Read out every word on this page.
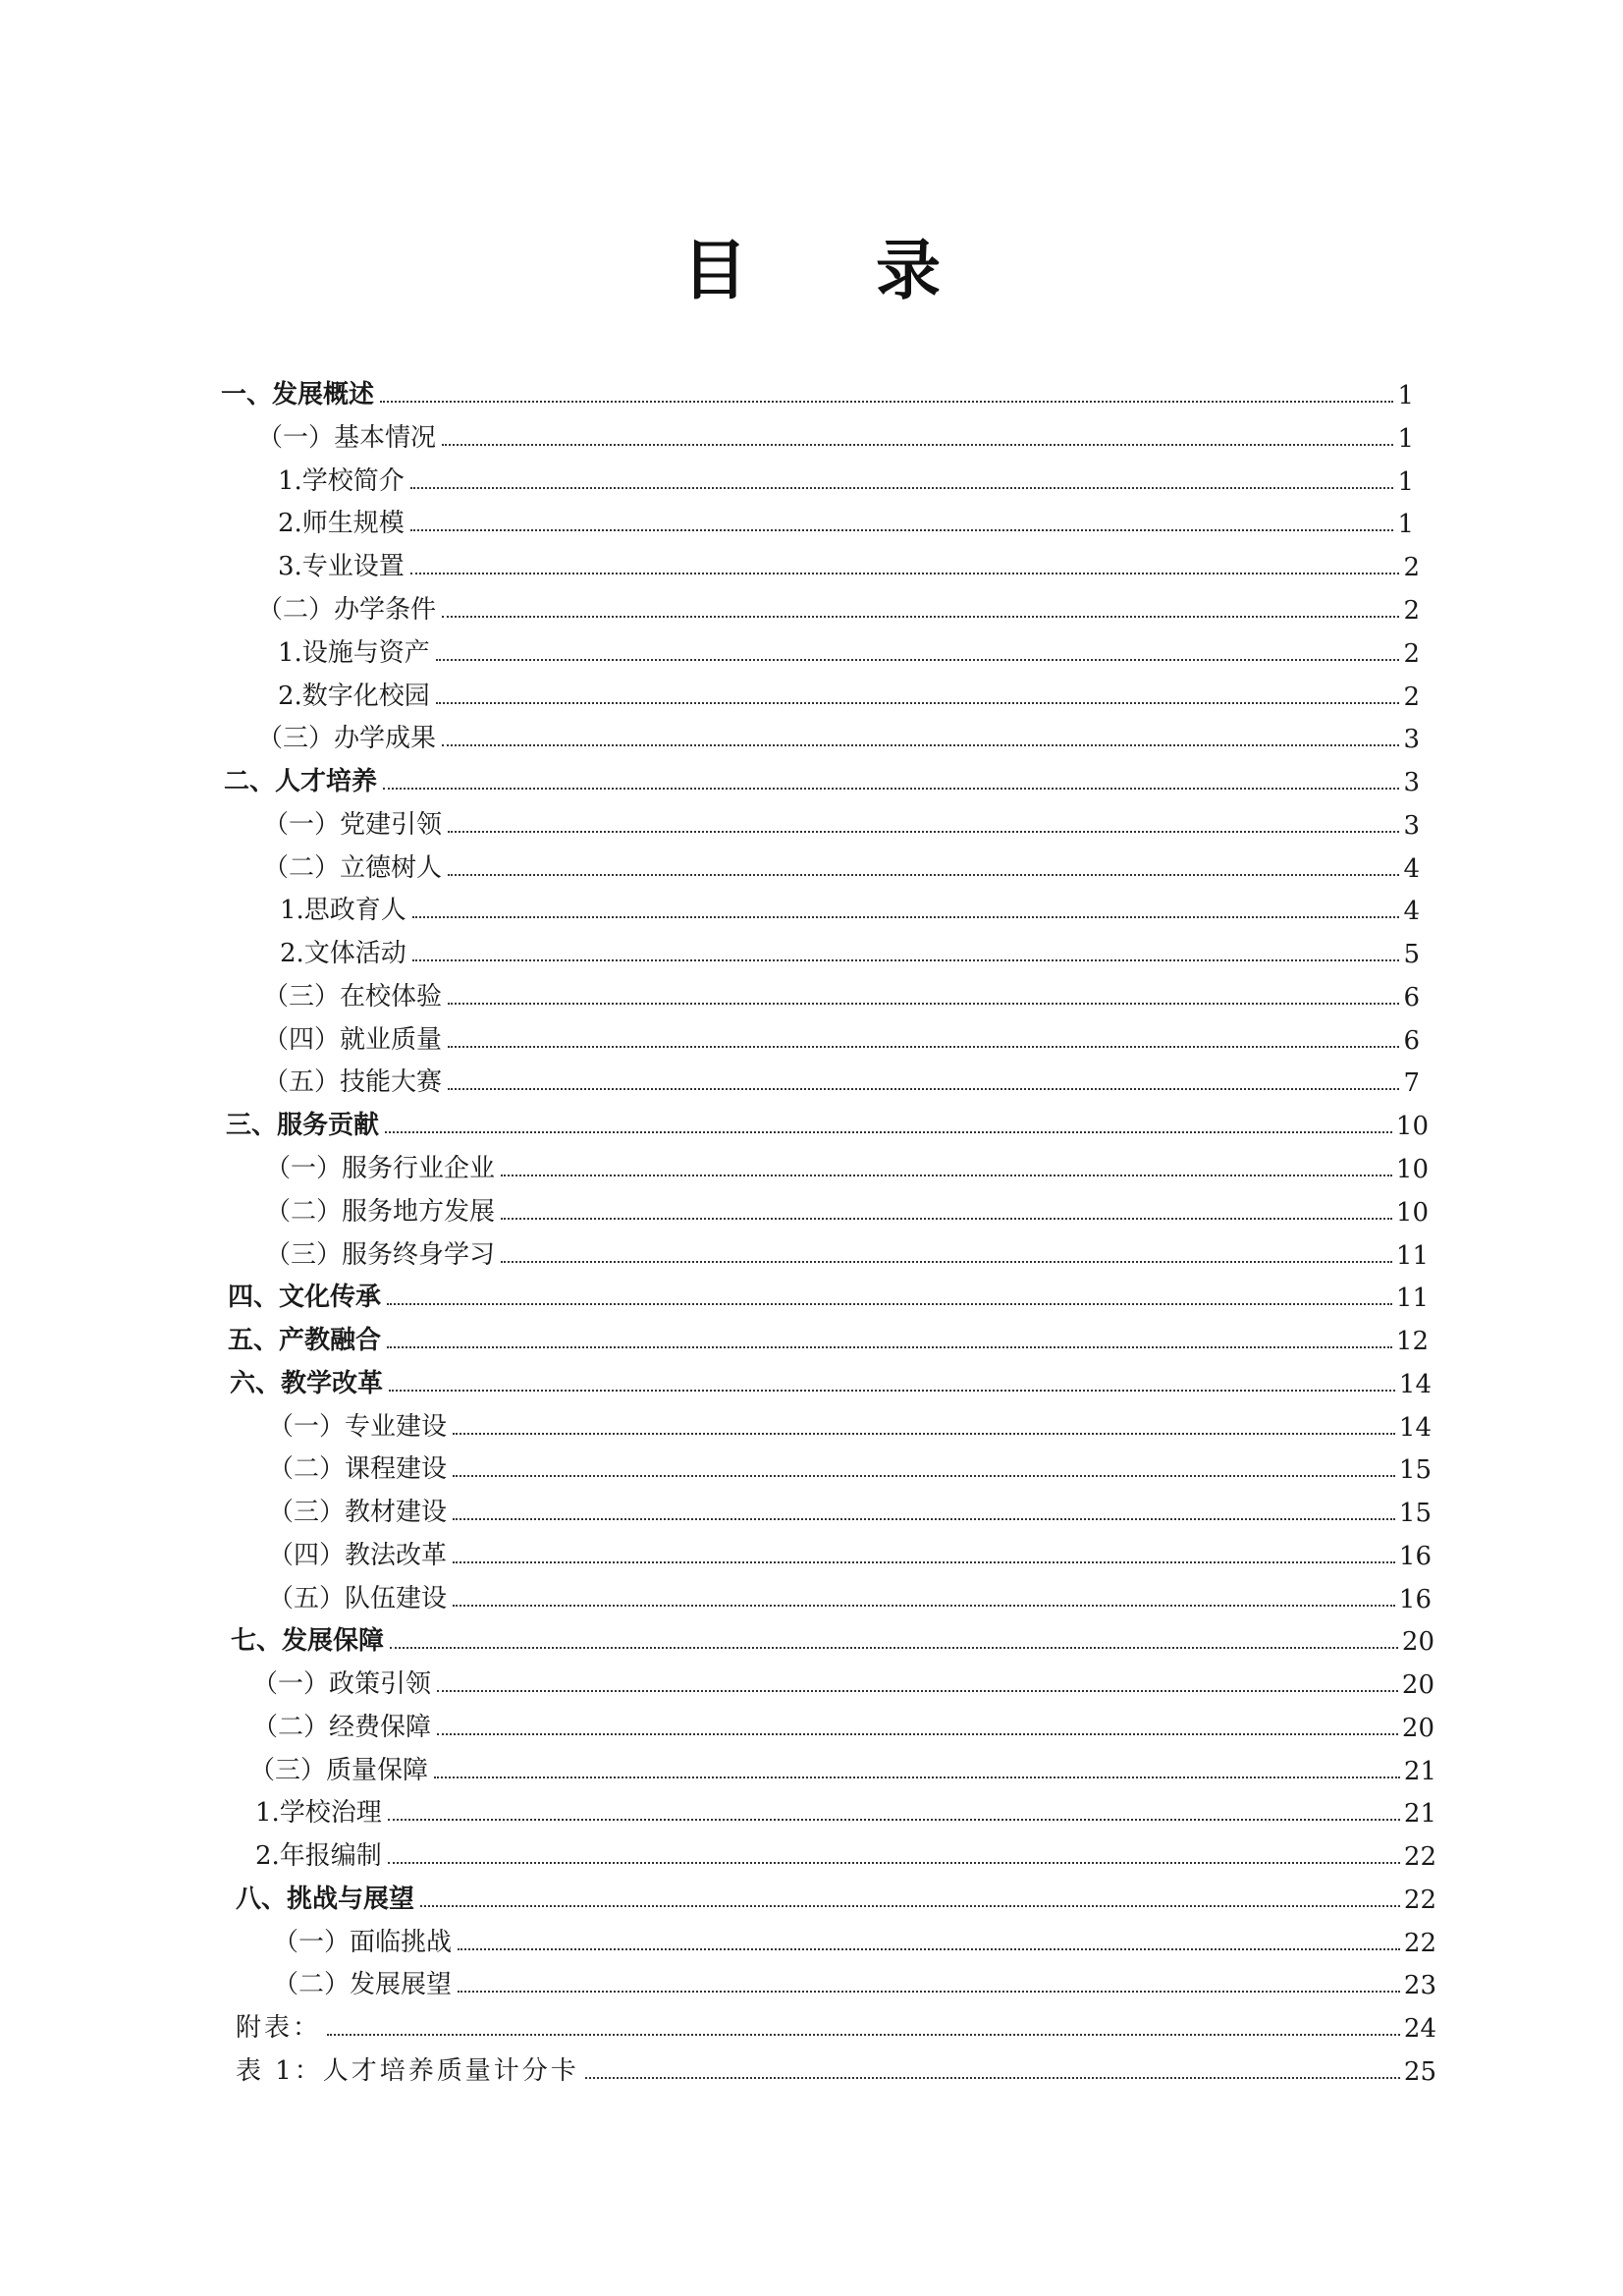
目 录
一、发展概述	1
（一）基本情况	1
1.学校简介	1
2.师生规模	1
3.专业设置	2
（二）办学条件	2
1.设施与资产	2
2.数字化校园	2
（三）办学成果	3
二、人才培养	3
（一）党建引领	3
（二）立德树人	4
1.思政育人	4
2.文体活动	5
（三）在校体验	6
（四）就业质量	6
（五）技能大赛	7
三、服务贡献	10
（一）服务行业企业	10
（二）服务地方发展	10
（三）服务终身学习	11
四、文化传承	11
五、产教融合	12
六、教学改革	14
（一）专业建设	14
（二）课程建设	15
（三）教材建设	15
（四）教法改革	16
（五）队伍建设	16
七、发展保障	20
（一）政策引领	20
（二）经费保障	20
（三）质量保障	21
1.学校治理	21
2.年报编制	22
八、挑战与展望	22
（一）面临挑战	22
（二）发展展望	23
附表：	24
表 1：人才培养质量计分卡	25
